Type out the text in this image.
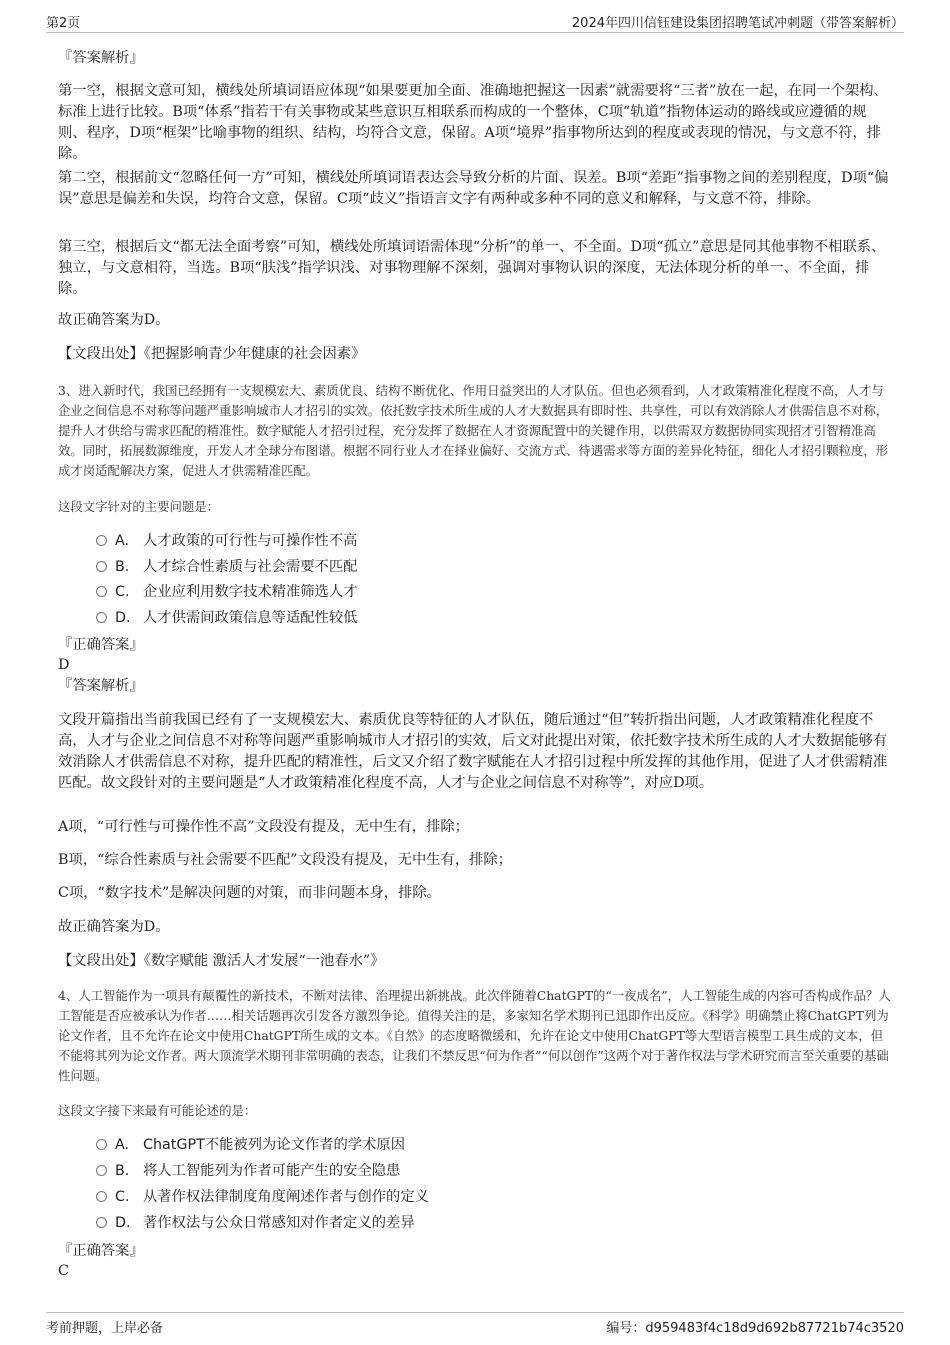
第2页	2024年四川信钰建设集团招聘笔试冲刺题（带答案解析）
『答案解析』
第一空，根据文意可知，横线处所填词语应体现“如果要更加全面、准确地把握这一因素”就需要将“三者”放在一起，在同一个架构、标准上进行比较。B项“体系”指若干有关事物或某些意识互相联系而构成的一个整体，C项“轨道”指物体运动的路线或应遵循的规则、程序，D项“框架”比喻事物的组织、结构，均符合文意，保留。A项“境界”指事物所达到的程度或表现的情况，与文意不符，排除。
第二空，根据前文“忽略任何一方”可知，横线处所填词语表达会导致分析的片面、误差。B项“差距”指事物之间的差别程度，D项“偏误”意思是偏差和失误，均符合文意，保留。C项“歧义”指语言文字有两种或多种不同的意义和解释，与文意不符，排除。
第三空，根据后文“都无法全面考察”可知，横线处所填词语需体现“分析”的单一、不全面。D项“孤立”意思是同其他事物不相联系、独立，与文意相符，当选。B项“肤浅”指学识浅、对事物理解不深刻，强调对事物认识的深度，无法体现分析的单一、不全面，排除。
故正确答案为D。
【文段出处】《把握影响青少年健康的社会因素》
3、进入新时代，我国已经拥有一支规模宏大、素质优良、结构不断优化、作用日益突出的人才队伍。但也必须看到，人才政策精准化程度不高，人才与企业之间信息不对称等问题严重影响城市人才招引的实效。依托数字技术所生成的人才大数据具有即时性、共享性，可以有效消除人才供需信息不对称，提升人才供给与需求匹配的精准性。数字赋能人才招引过程，充分发挥了数据在人才资源配置中的关键作用，以供需双方数据协同实现招才引智精准高效。同时，拓展数源维度，开发人才全球分布图谱。根据不同行业人才在择业偏好、交流方式、待遇需求等方面的差异化特征，细化人才招引颗粒度，形成才岗适配解决方案，促进人才供需精准匹配。
这段文字针对的主要问题是：
A. 人才政策的可行性与可操作性不高
B. 人才综合性素质与社会需要不匹配
C. 企业应利用数字技术精准筛选人才
D. 人才供需间政策信息等适配性较低
『正确答案』
D
『答案解析』
文段开篇指出当前我国已经有了一支规模宏大、素质优良等特征的人才队伍，随后通过“但”转折指出问题，人才政策精准化程度不高，人才与企业之间信息不对称等问题严重影响城市人才招引的实效，后文对此提出对策，依托数字技术所生成的人才大数据能够有效消除人才供需信息不对称，提升匹配的精准性，后文又介绍了数字赋能在人才招引过程中所发挥的其他作用，促进了人才供需精准匹配。故文段针对的主要问题是“人才政策精准化程度不高，人才与企业之间信息不对称等”，对应D项。
A项，“可行性与可操作性不高”文段没有提及，无中生有，排除；
B项，“综合性素质与社会需要不匹配”文段没有提及，无中生有，排除；
C项，“数字技术”是解决问题的对策，而非问题本身，排除。
故正确答案为D。
【文段出处】《数字赋能 激活人才发展“一池春水”》
4、人工智能作为一项具有颠覆性的新技术，不断对法律、治理提出新挑战。此次伴随着ChatGPT的“一夜成名”，人工智能生成的内容可否构成作品？人工智能是否应被承认为作者……相关话题再次引发各方激烈争论。值得关注的是，多家知名学术期刊已迅即作出反应。《科学》明确禁止将ChatGPT列为论文作者，且不允许在论文中使用ChatGPT所生成的文本。《自然》的态度略微缓和，允许在论文中使用ChatGPT等大型语言模型工具生成的文本，但不能将其列为论文作者。两大顶流学术期刊非常明确的表态，让我们不禁反思“何为作者”“何以创作”这两个对于著作权法与学术研究而言至关重要的基础性问题。
这段文字接下来最有可能论述的是：
A. ChatGPT不能被列为论文作者的学术原因
B. 将人工智能列为作者可能产生的安全隐患
C. 从著作权法律制度角度阐述作者与创作的定义
D. 著作权法与公众日常感知对作者定义的差异
『正确答案』
C
考前押题，上岸必备	编号：d959483f4c18d9d692b87721b74c3520
